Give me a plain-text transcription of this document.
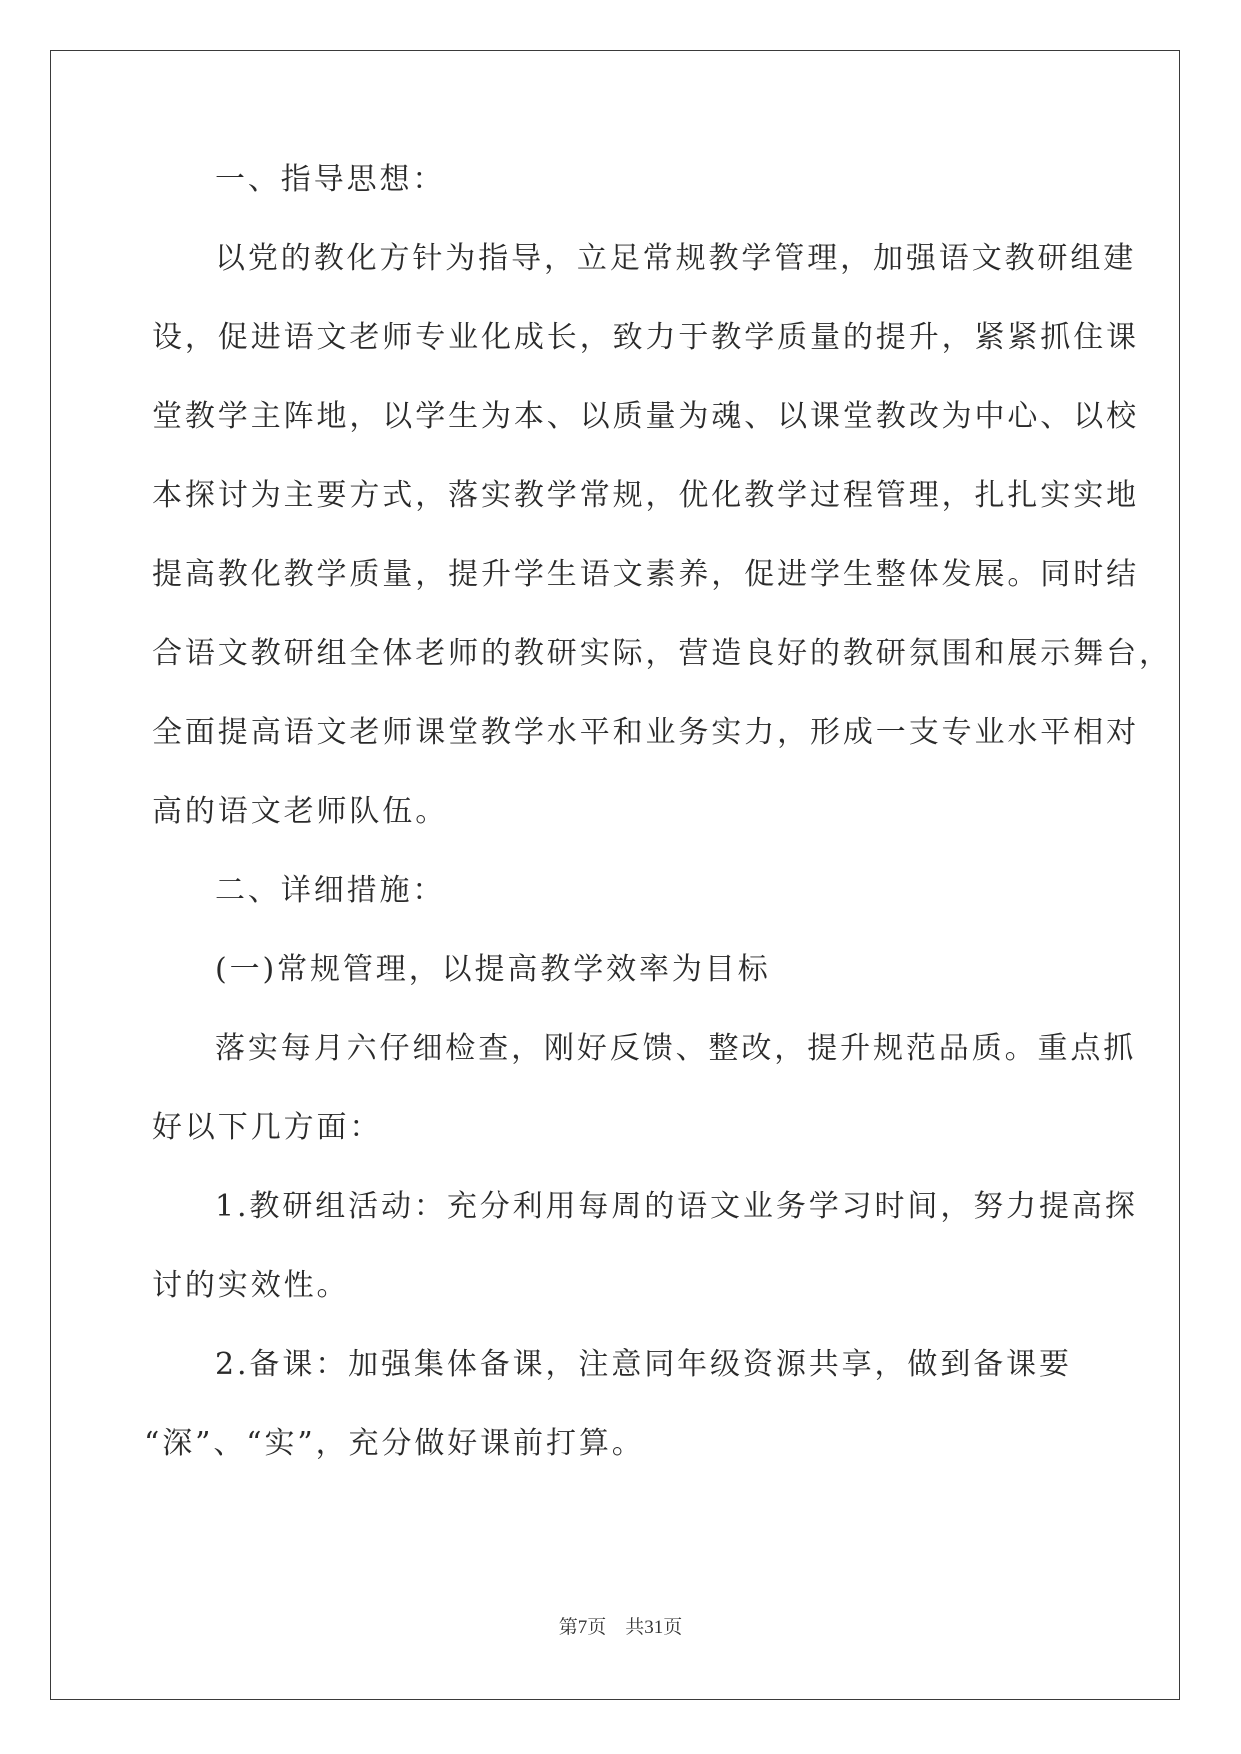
一、指导思想：
以党的教化方针为指导，立足常规教学管理，加强语文教研组建
设，促进语文老师专业化成长，致力于教学质量的提升，紧紧抓住课
堂教学主阵地，以学生为本、以质量为魂、以课堂教改为中心、以校
本探讨为主要方式，落实教学常规，优化教学过程管理，扎扎实实地
提高教化教学质量，提升学生语文素养，促进学生整体发展。同时结
合语文教研组全体老师的教研实际，营造良好的教研氛围和展示舞台，
全面提高语文老师课堂教学水平和业务实力，形成一支专业水平相对
高的语文老师队伍。
二、详细措施：
(一)常规管理，以提高教学效率为目标
落实每月六仔细检查，刚好反馈、整改，提升规范品质。重点抓
好以下几方面：
1.教研组活动：充分利用每周的语文业务学习时间，努力提高探
讨的实效性。
2.备课：加强集体备课，注意同年级资源共享，做到备课要
“深”、“实”，充分做好课前打算。
第7页　共31页
